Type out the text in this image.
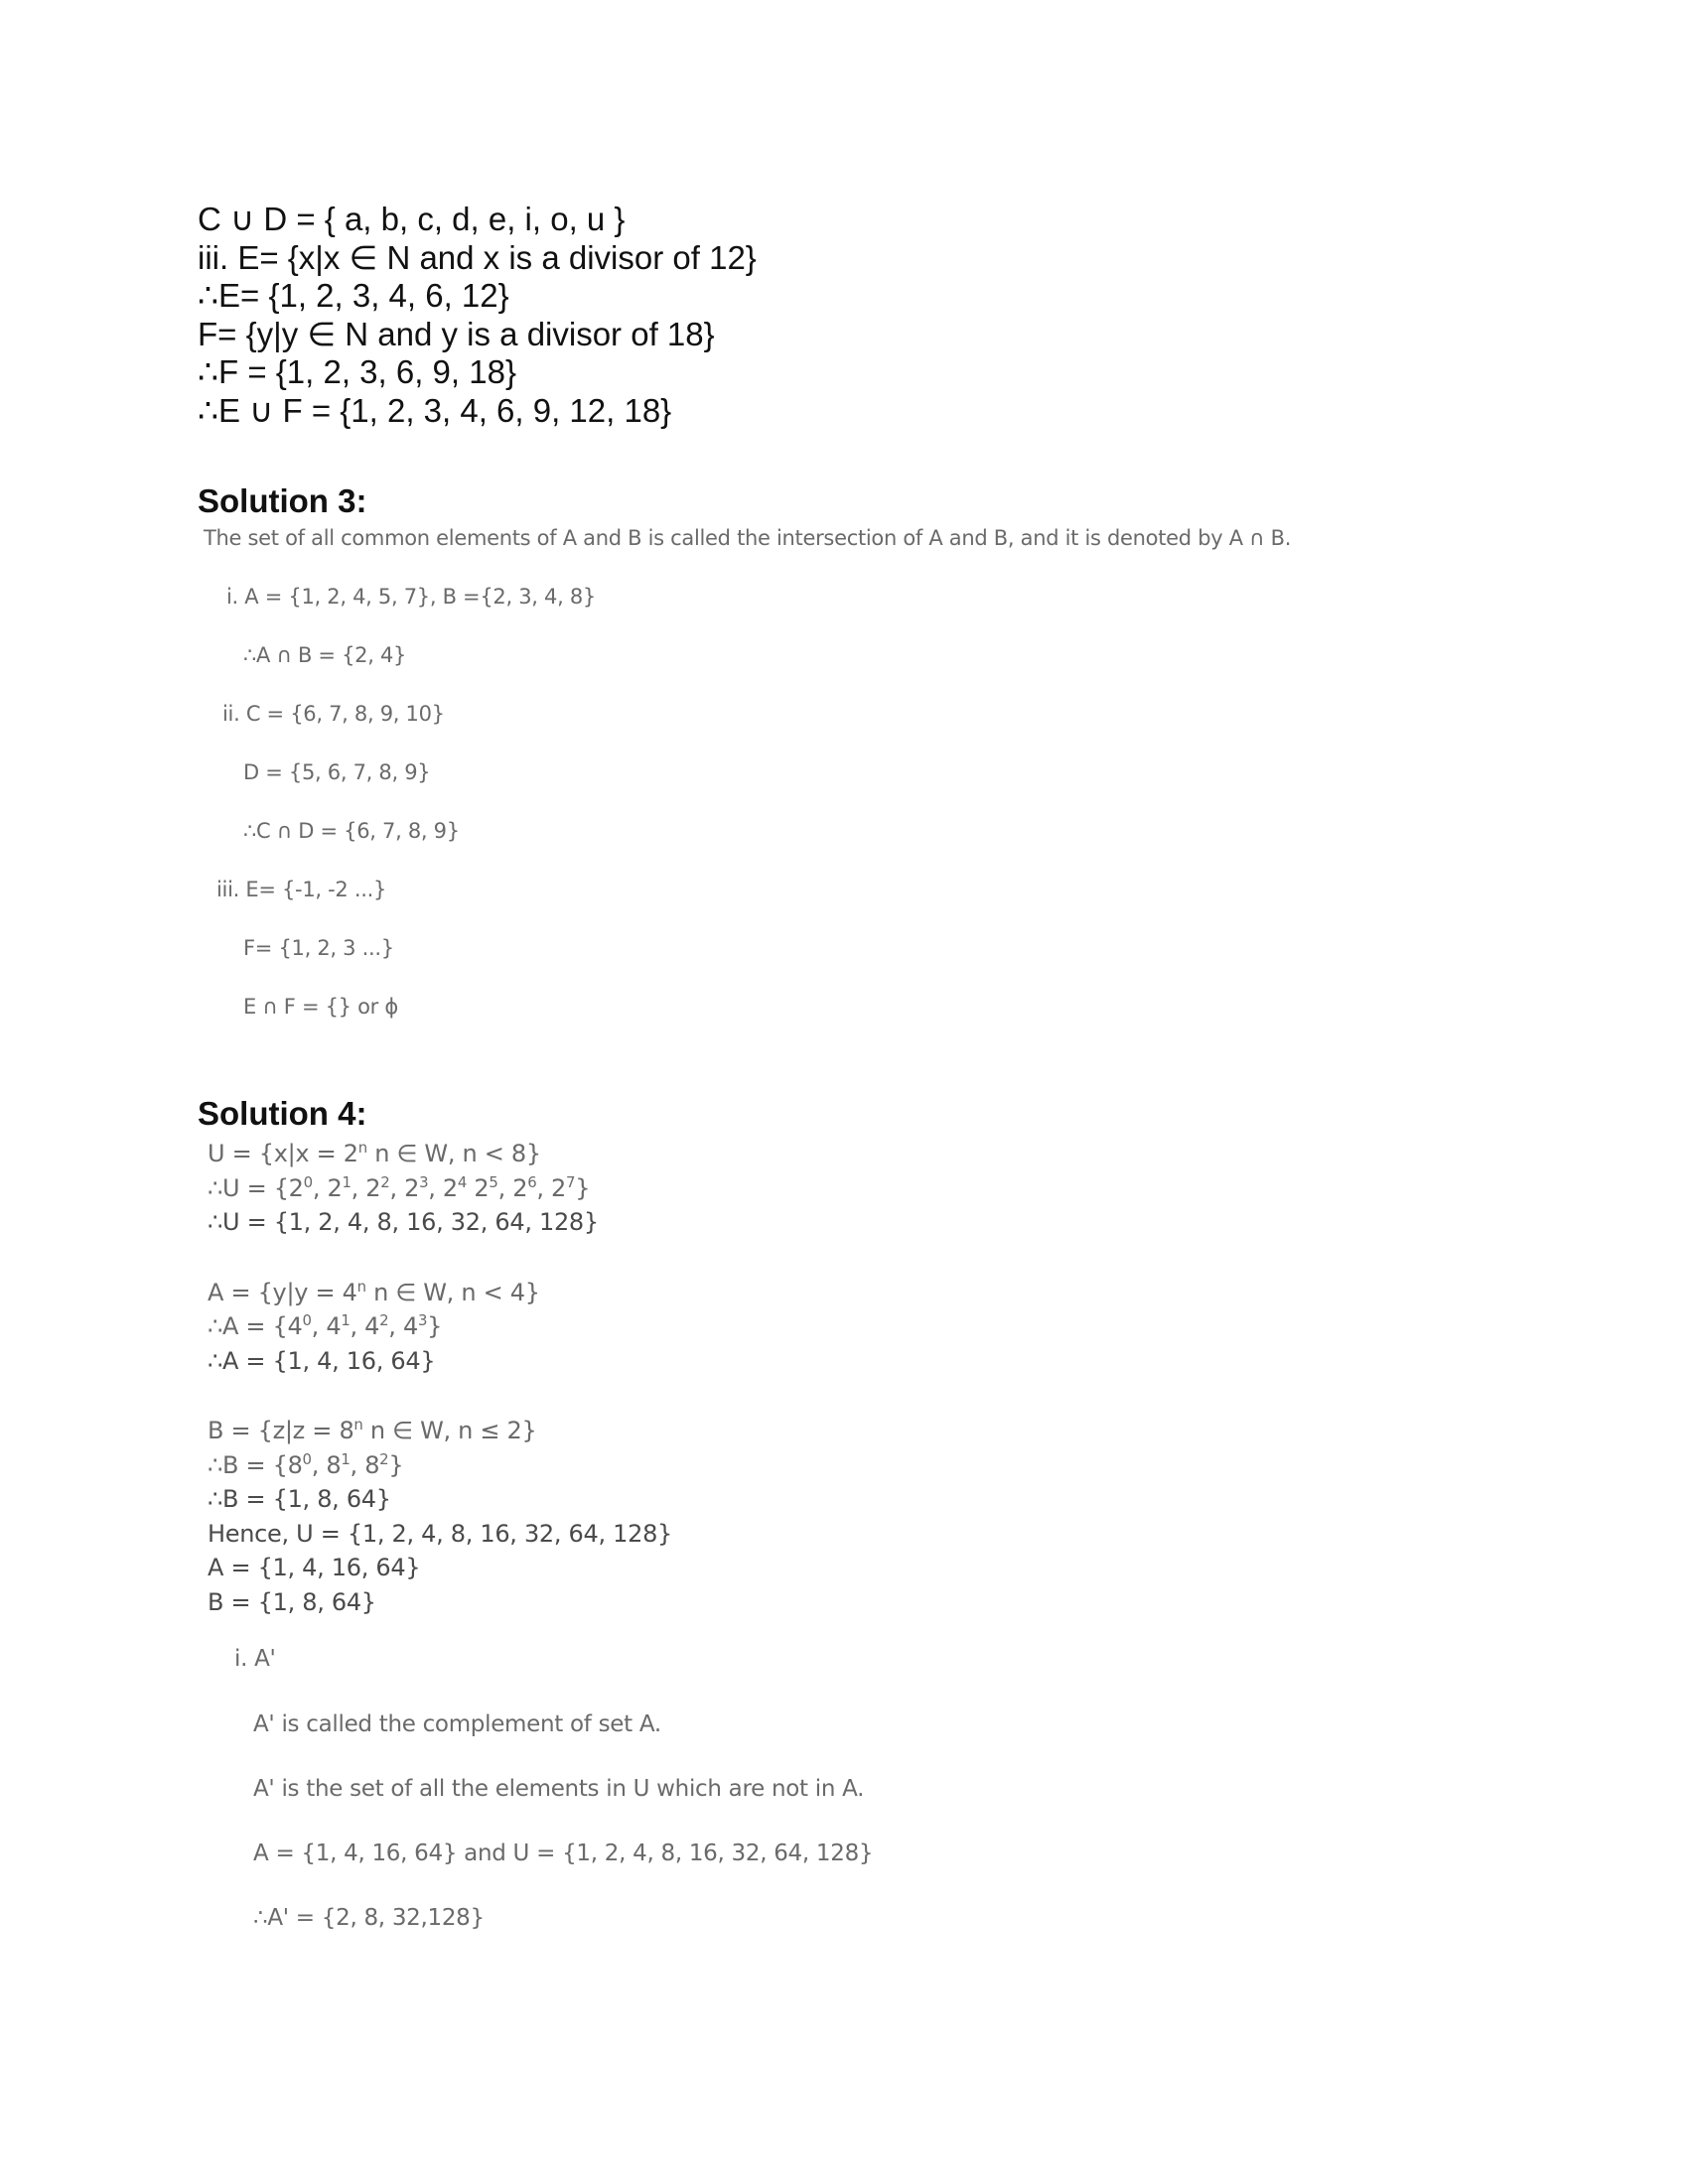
C ∪ D = { a, b, c, d, e, i, o, u }
iii. E= {x|x ∈ N and x is a divisor of 12}
∴E= {1, 2, 3, 4, 6, 12}
F= {y|y ∈ N and y is a divisor of 18}
∴F = {1, 2, 3, 6, 9, 18}
∴E ∪ F = {1, 2, 3, 4, 6, 9, 12, 18}
Solution 3:
The set of all common elements of A and B is called the intersection of A and B, and it is denoted by A ∩ B.
i. A = {1, 2, 4, 5, 7}, B ={2, 3, 4, 8}
∴A ∩ B = {2, 4}
ii. C = {6, 7, 8, 9, 10}
D = {5, 6, 7, 8, 9}
∴C ∩ D = {6, 7, 8, 9}
iii. E= {-1, -2 ...}
F= {1, 2, 3 ...}
E ∩ F = {} or ϕ
Solution 4:
$U = \{x|x = 2^n$ n ∈ W, n < 8}
∴U = {$2^0$, $2^1$, $2^2$, $2^3$, $2^4$ $2^5$, $2^6$, $2^7$}
∴U = {1, 2, 4, 8, 16, 32, 64, 128}
$A = \{y|y = 4^n$ n ∈ W, n < 4}
∴A = {$4^0$, $4^1$, $4^2$, $4^3$}
∴A = {1, 4, 16, 64}
$B = \{z|z = 8^n$ n ∈ W, n ≤ 2}
∴B = {$8^0$, $8^1$, $8^2$}
∴B = {1, 8, 64}
Hence, U = {1, 2, 4, 8, 16, 32, 64, 128}
A = {1, 4, 16, 64}
B = {1, 8, 64}
i. A'
A' is called the complement of set A.
A' is the set of all the elements in U which are not in A.
A = {1, 4, 16, 64} and U = {1, 2, 4, 8, 16, 32, 64, 128}
∴A' = {2, 8, 32,128}
